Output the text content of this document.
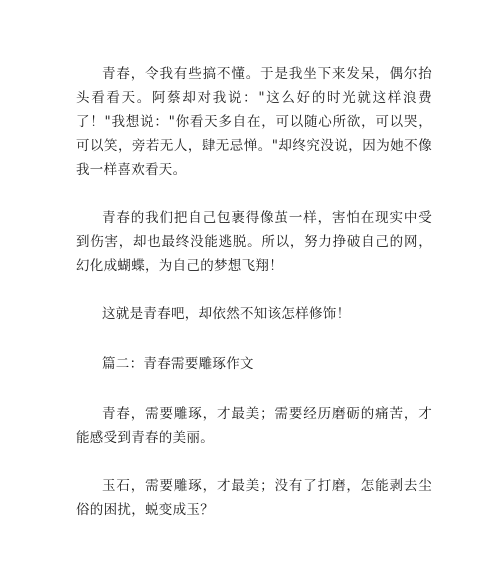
青春，令我有些搞不懂。于是我坐下来发呆，偶尔抬头看看天。阿蔡却对我说："这么好的时光就这样浪费了！"我想说："你看天多自在，可以随心所欲，可以哭，可以笑，旁若无人，肆无忌惮。"却终究没说，因为她不像我一样喜欢看天。

青春的我们把自己包裹得像茧一样，害怕在现实中受到伤害，却也最终没能逃脱。所以，努力挣破自己的网，幻化成蝴蝶，为自己的梦想飞翔！

这就是青春吧，却依然不知该怎样修饰！

篇二：青春需要雕琢作文

青春，需要雕琢，才最美；需要经历磨砺的痛苦，才能感受到青春的美丽。

玉石，需要雕琢，才最美；没有了打磨，怎能剥去尘俗的困扰，蜕变成玉？
